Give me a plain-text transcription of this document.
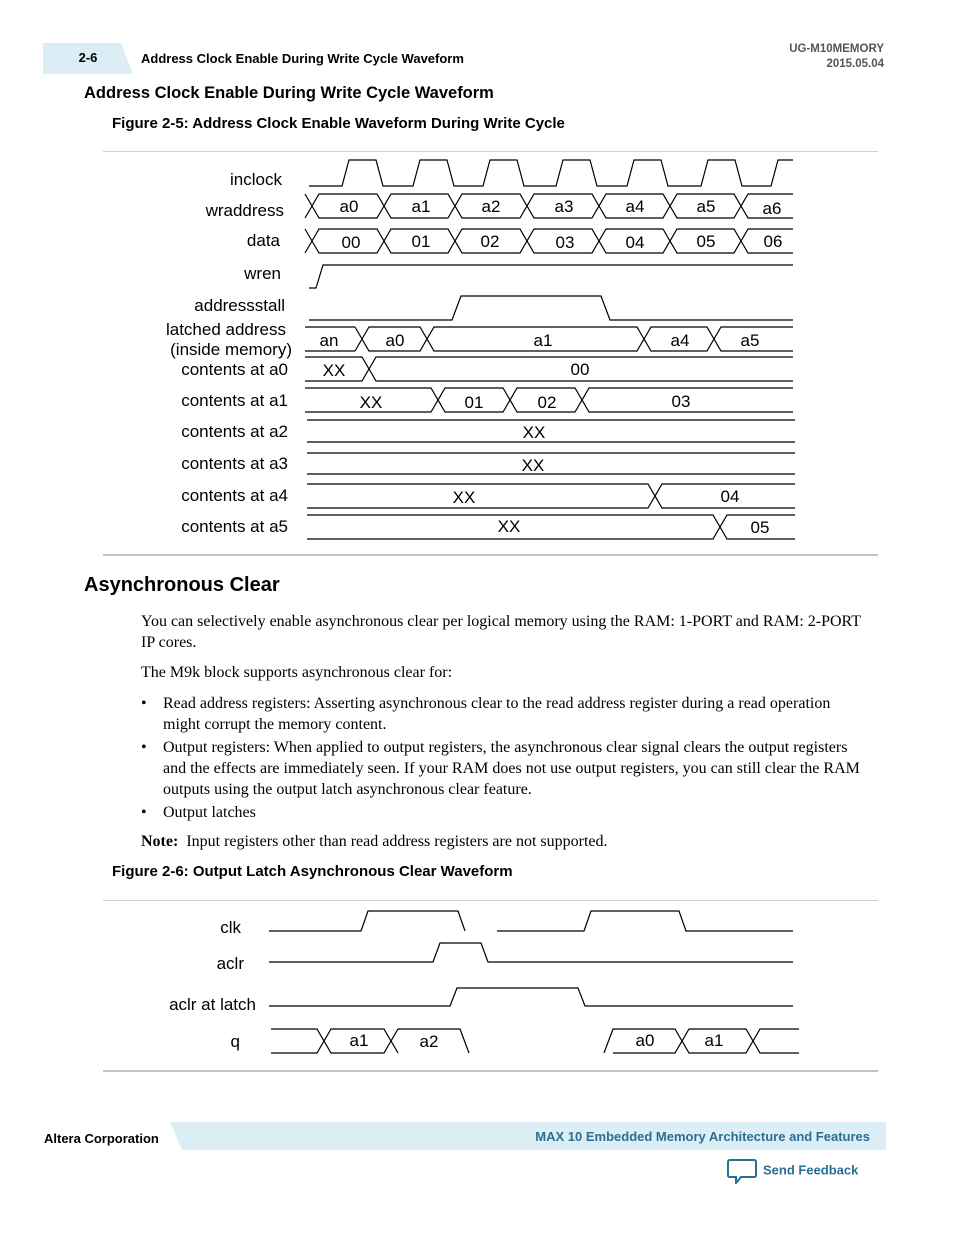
2-6	Address Clock Enable During Write Cycle Waveform
UG-M10MEMORY
2015.05.04
Address Clock Enable During Write Cycle Waveform
Figure 2-5: Address Clock Enable Waveform During Write Cycle
inclock
wraddress
data
wren
addressstall
latched address
(inside memory)
contents at a0
contents at a1
contents at a2
contents at a3
contents at a4
contents at a5
a0	a1	a2	a3	a4	a5	a6
00	01	02	03	04	05	06
an	a0	a1	a4	a5
XX	00
XX	01	02	03
XX
XX
XX	04
XX	05
Asynchronous Clear
You can selectively enable asynchronous clear per logical memory using the RAM: 1-PORT and RAM: 2-PORT IP cores.
The M9k block supports asynchronous clear for:
• Read address registers: Asserting asynchronous clear to the read address register during a read operation might corrupt the memory content.
• Output registers: When applied to output registers, the asynchronous clear signal clears the output registers and the effects are immediately seen. If your RAM does not use output registers, you can still clear the RAM outputs using the output latch asynchronous clear feature.
• Output latches
Note: Input registers other than read address registers are not supported.
Figure 2-6: Output Latch Asynchronous Clear Waveform
clk
aclr
aclr at latch
q	a1	a2	a0	a1
Altera Corporation	MAX 10 Embedded Memory Architecture and Features
Send Feedback
